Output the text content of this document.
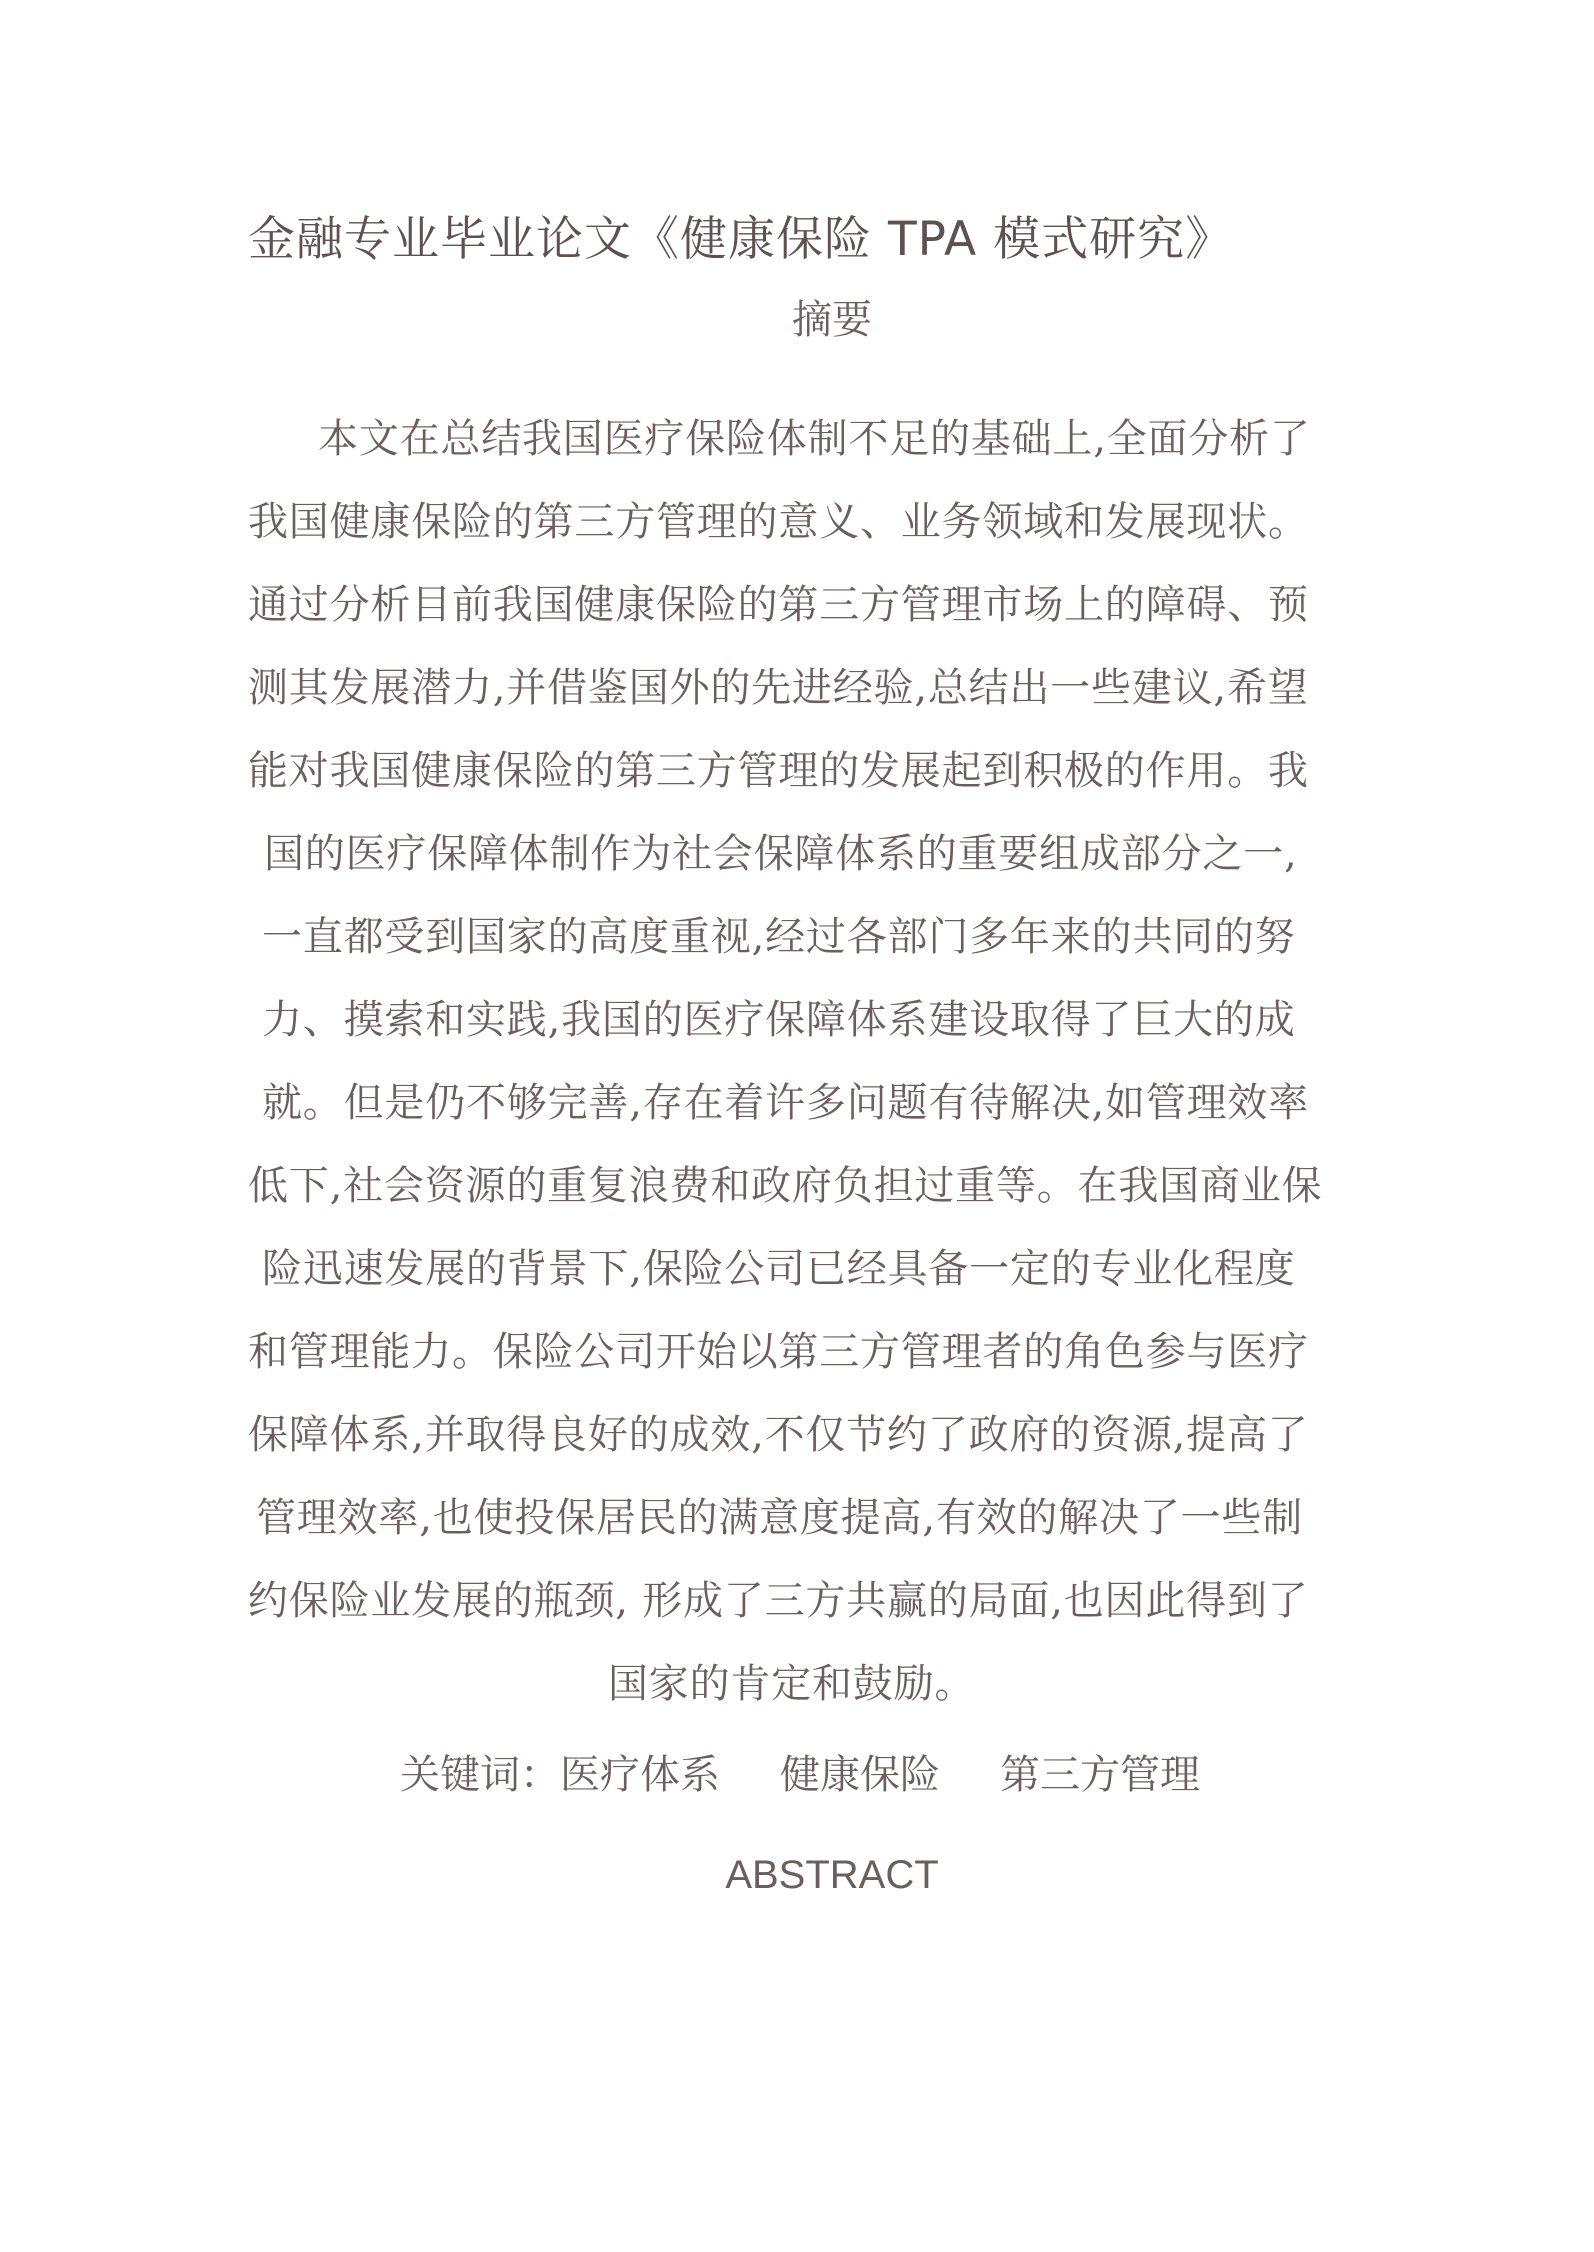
金融专业毕业论文《健康保险 TPA 模式研究》
摘要
本文在总结我国医疗保险体制不足的基础上,全面分析了
我国健康保险的第三方管理的意义、业务领域和发展现状。
通过分析目前我国健康保险的第三方管理市场上的障碍、预
测其发展潜力,并借鉴国外的先进经验,总结出一些建议,希望
能对我国健康保险的第三方管理的发展起到积极的作用。我
国的医疗保障体制作为社会保障体系的重要组成部分之一,
一直都受到国家的高度重视,经过各部门多年来的共同的努
力、摸索和实践,我国的医疗保障体系建设取得了巨大的成
就。但是仍不够完善,存在着许多问题有待解决,如管理效率
低下,社会资源的重复浪费和政府负担过重等。在我国商业保
险迅速发展的背景下,保险公司已经具备一定的专业化程度
和管理能力。保险公司开始以第三方管理者的角色参与医疗
保障体系,并取得良好的成效,不仅节约了政府的资源,提高了
管理效率,也使投保居民的满意度提高,有效的解决了一些制
约保险业发展的瓶颈, 形成了三方共赢的局面,也因此得到了
国家的肯定和鼓励。
关键词：医疗体系 健康保险 第三方管理
ABSTRACT
